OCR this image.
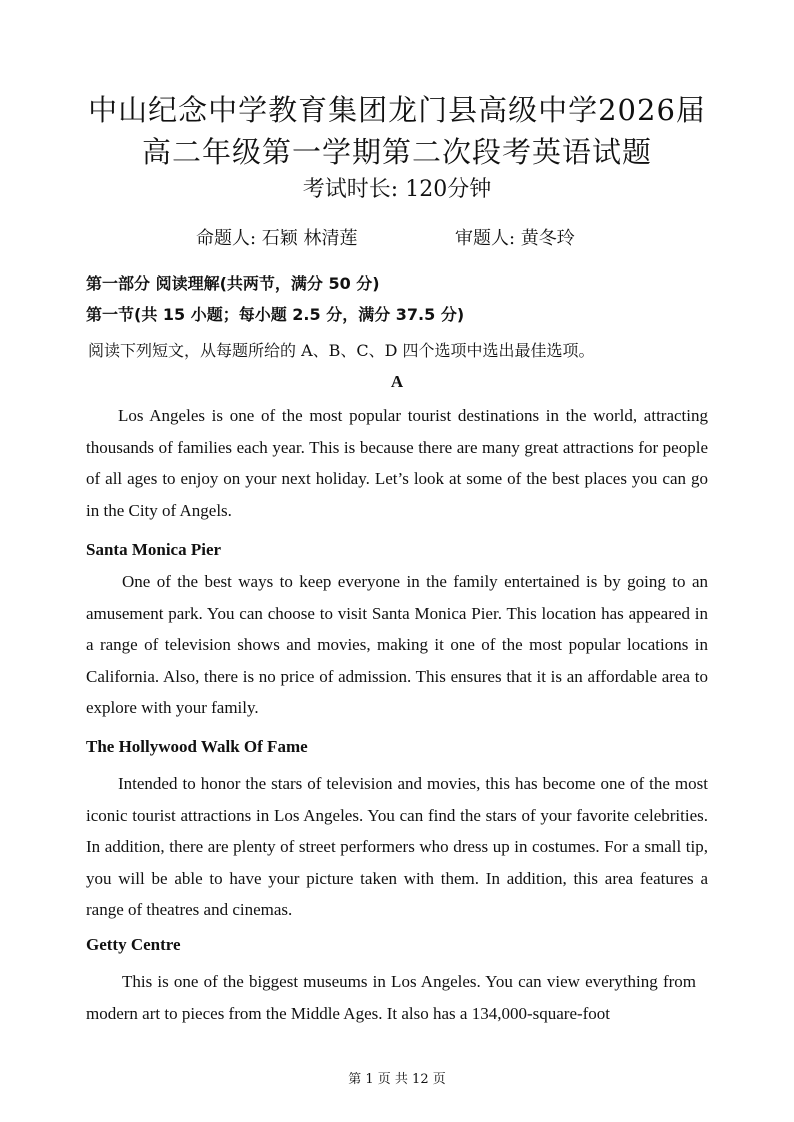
中山纪念中学教育集团龙门县高级中学2026届
高二年级第一学期第二次段考英语试题
考试时长: 120分钟
命题人: 石颖 林清莲	审题人: 黄冬玲
第一部分 阅读理解(共两节，满分 50 分)
第一节(共 15 小题；每小题 2.5 分，满分 37.5 分)
阅读下列短文，从每题所给的 A、B、C、D 四个选项中选出最佳选项。
A

Los Angeles is one of the most popular tourist destinations in the world, attracting thousands of families each year. This is because there are many great attractions for people of all ages to enjoy on your next holiday. Let’s look at some of the best places you can go in the City of Angels.

Santa Monica Pier

One of the best ways to keep everyone in the family entertained is by going to an amusement park. You can choose to visit Santa Monica Pier. This location has appeared in a range of television shows and movies, making it one of the most popular locations in California. Also, there is no price of admission. This ensures that it is an affordable area to explore with your family.

The Hollywood Walk Of Fame

Intended to honor the stars of television and movies, this has become one of the most iconic tourist attractions in Los Angeles. You can find the stars of your favorite celebrities. In addition, there are plenty of street performers who dress up in costumes. For a small tip, you will be able to have your picture taken with them. In addition, this area features a range of theatres and cinemas.

Getty Centre

This is one of the biggest museums in Los Angeles. You can view everything from modern art to pieces from the Middle Ages. It also has a 134,000-square-foot

第 1 页 共 12 页
